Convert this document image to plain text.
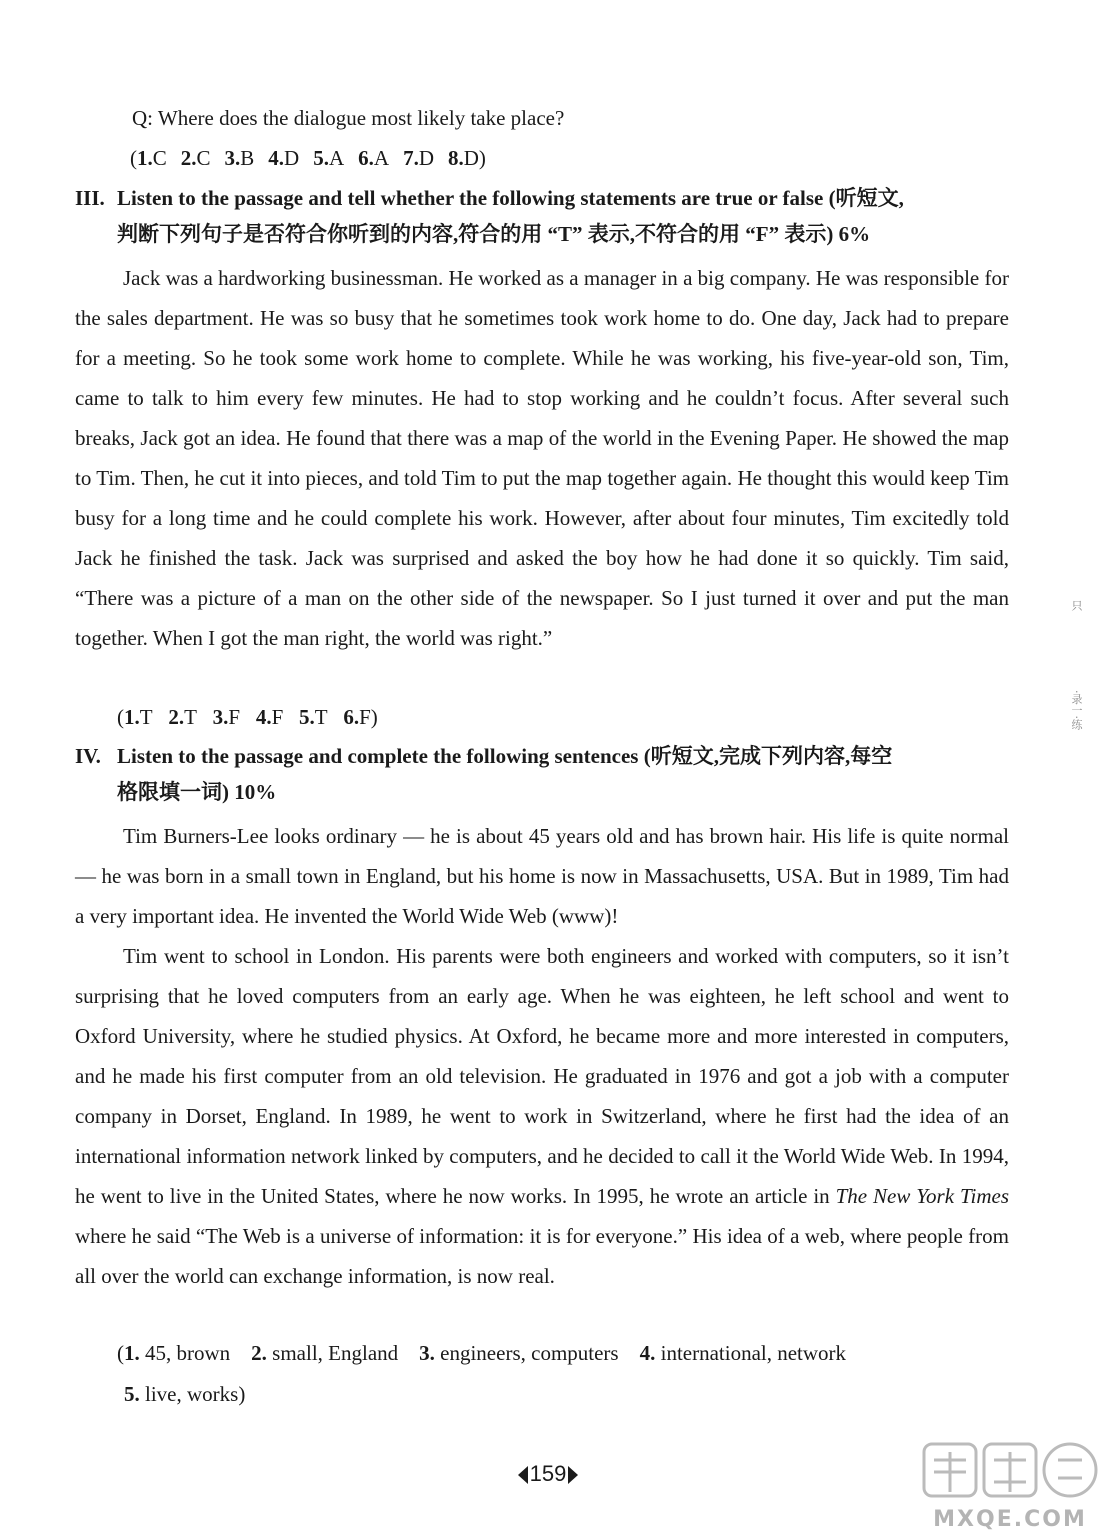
Q: Where does the dialogue most likely take place?
(1.C 2.C 3.B 4.D 5.A 6.A 7.D 8.D)
III. Listen to the passage and tell whether the following statements are true or false (听短文,
判断下列句子是否符合你听到的内容,符合的用 “T” 表示,不符合的用 “F” 表示) 6%
Jack was a hardworking businessman. He worked as a manager in a big company. He was responsible for the sales department. He was so busy that he sometimes took work home to do. One day, Jack had to prepare for a meeting. So he took some work home to complete. While he was working, his five-year-old son, Tim, came to talk to him every few minutes. He had to stop working and he couldn’t focus. After several such breaks, Jack got an idea. He found that there was a map of the world in the Evening Paper. He showed the map to Tim. Then, he cut it into pieces, and told Tim to put the map together again. He thought this would keep Tim busy for a long time and he could complete his work. However, after about four minutes, Tim excitedly told Jack he finished the task. Jack was surprised and asked the boy how he had done it so quickly. Tim said, “There was a picture of a man on the other side of the newspaper. So I just turned it over and put the man together. When I got the man right, the world was right.”
(1.T 2.T 3.F 4.F 5.T 6.F)
IV. Listen to the passage and complete the following sentences (听短文,完成下列内容,每空
格限填一词) 10%
Tim Burners-Lee looks ordinary — he is about 45 years old and has brown hair. His life is quite normal — he was born in a small town in England, but his home is now in Massachusetts, USA. But in 1989, Tim had a very important idea. He invented the World Wide Web (www)!
Tim went to school in London. His parents were both engineers and worked with computers, so it isn’t surprising that he loved computers from an early age. When he was eighteen, he left school and went to Oxford University, where he studied physics. At Oxford, he became more and more interested in computers, and he made his first computer from an old television. He graduated in 1976 and got a job with a computer company in Dorset, England. In 1989, he went to work in Switzerland, where he first had the idea of an international information network linked by computers, and he decided to call it the World Wide Web. In 1994, he went to live in the United States, where he now works. In 1995, he wrote an article in The New York Times where he said “The Web is a universe of information: it is for everyone.” His idea of a web, where people from all over the world can exchange information, is now real.
(1. 45, brown 2. small, England 3. engineers, computers 4. international, network
5. live, works)
159
只
·录一·练
MXQE.COM
